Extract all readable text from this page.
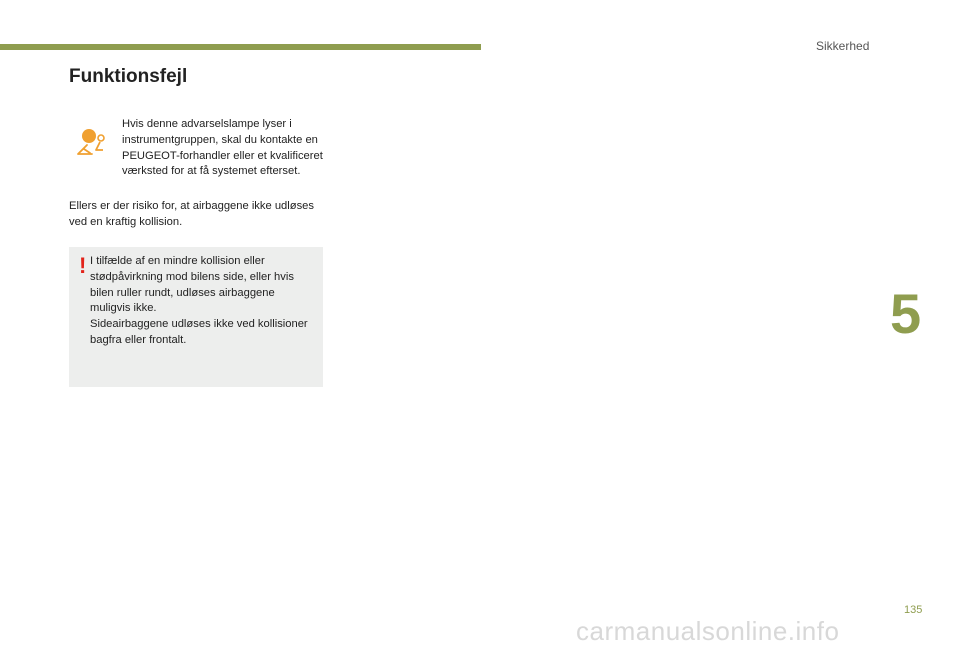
Sikkerhed
5
Funktionsfejl
Hvis denne advarselslampe lyser i instrumentgruppen, skal du kontakte en PEUGEOT-forhandler eller et kvalificeret værksted for at få systemet efterset.
Ellers er der risiko for, at airbaggene ikke udløses ved en kraftig kollision.
! I tilfælde af en mindre kollision eller stødpåvirkning mod bilens side, eller hvis bilen ruller rundt, udløses airbaggene muligvis ikke.
Sideairbaggene udløses ikke ved kollisioner bagfra eller frontalt.
135
carmanualsonline.info
